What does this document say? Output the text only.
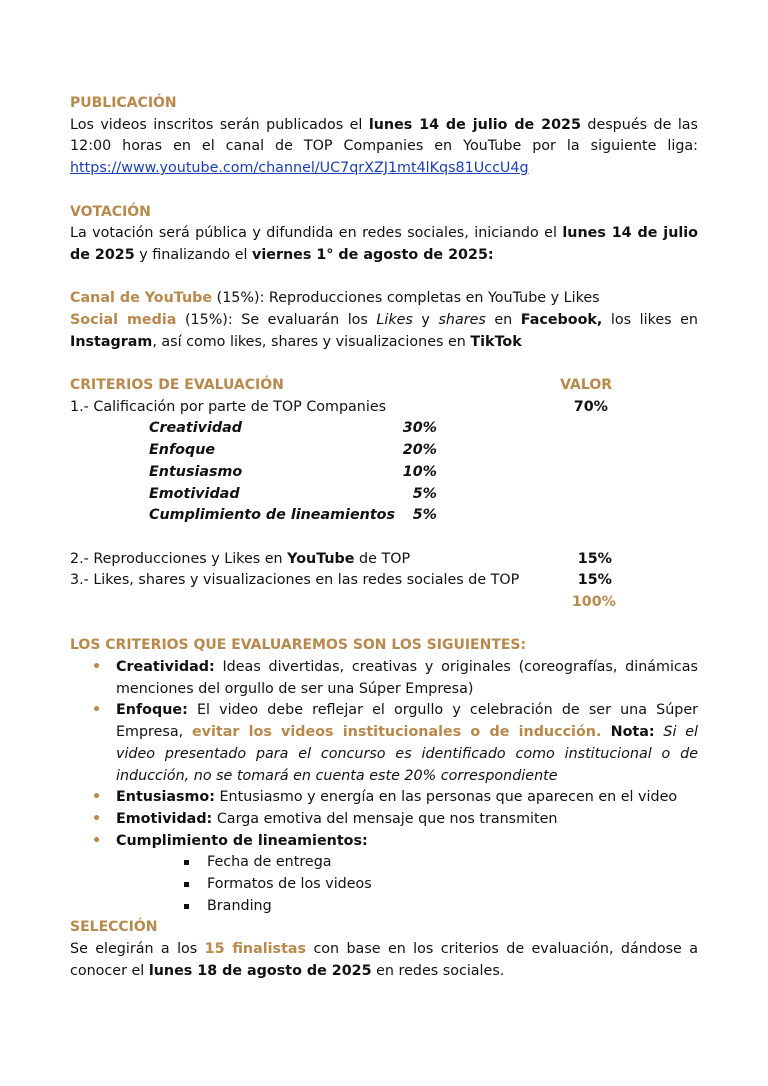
PUBLICACIÓN

Los videos inscritos serán publicados el lunes 14 de julio de 2025 después de las 12:00 horas en el canal de TOP Companies en YouTube por la siguiente liga: https://www.youtube.com/channel/UC7qrXZJ1mt4lKqs81UccU4g

VOTACIÓN

La votación será pública y difundida en redes sociales, iniciando el lunes 14 de julio de 2025 y finalizando el viernes 1° de agosto de 2025:

Canal de YouTube (15%): Reproducciones completas en YouTube y Likes

Social media (15%): Se evaluarán los Likes y shares en Facebook, los likes en Instagram, así como likes, shares y visualizaciones en TikTok

CRITERIOS DE EVALUACIÓN	VALOR
1.- Calificación por parte de TOP Companies	70%
Creatividad	30%
Enfoque	20%
Entusiasmo	10%
Emotividad	5%
Cumplimiento de lineamientos	5%
2.- Reproducciones y Likes en YouTube de TOP	15%
3.- Likes, shares y visualizaciones en las redes sociales de TOP	15%
100%
LOS CRITERIOS QUE EVALUAREMOS SON LOS SIGUIENTES:
• Creatividad: Ideas divertidas, creativas y originales (coreografías, dinámicas menciones del orgullo de ser una Súper Empresa)
• Enfoque: El video debe reflejar el orgullo y celebración de ser una Súper Empresa, evitar los videos institucionales o de inducción. Nota: Si el video presentado para el concurso es identificado como institucional o de inducción, no se tomará en cuenta este 20% correspondiente
• Entusiasmo: Entusiasmo y energía en las personas que aparecen en el video
• Emotividad: Carga emotiva del mensaje que nos transmiten
• Cumplimiento de lineamientos:
Fecha de entrega
Formatos de los videos
Branding
SELECCIÓN

Se elegirán a los 15 finalistas con base en los criterios de evaluación, dándose a conocer el lunes 18 de agosto de 2025 en redes sociales.
